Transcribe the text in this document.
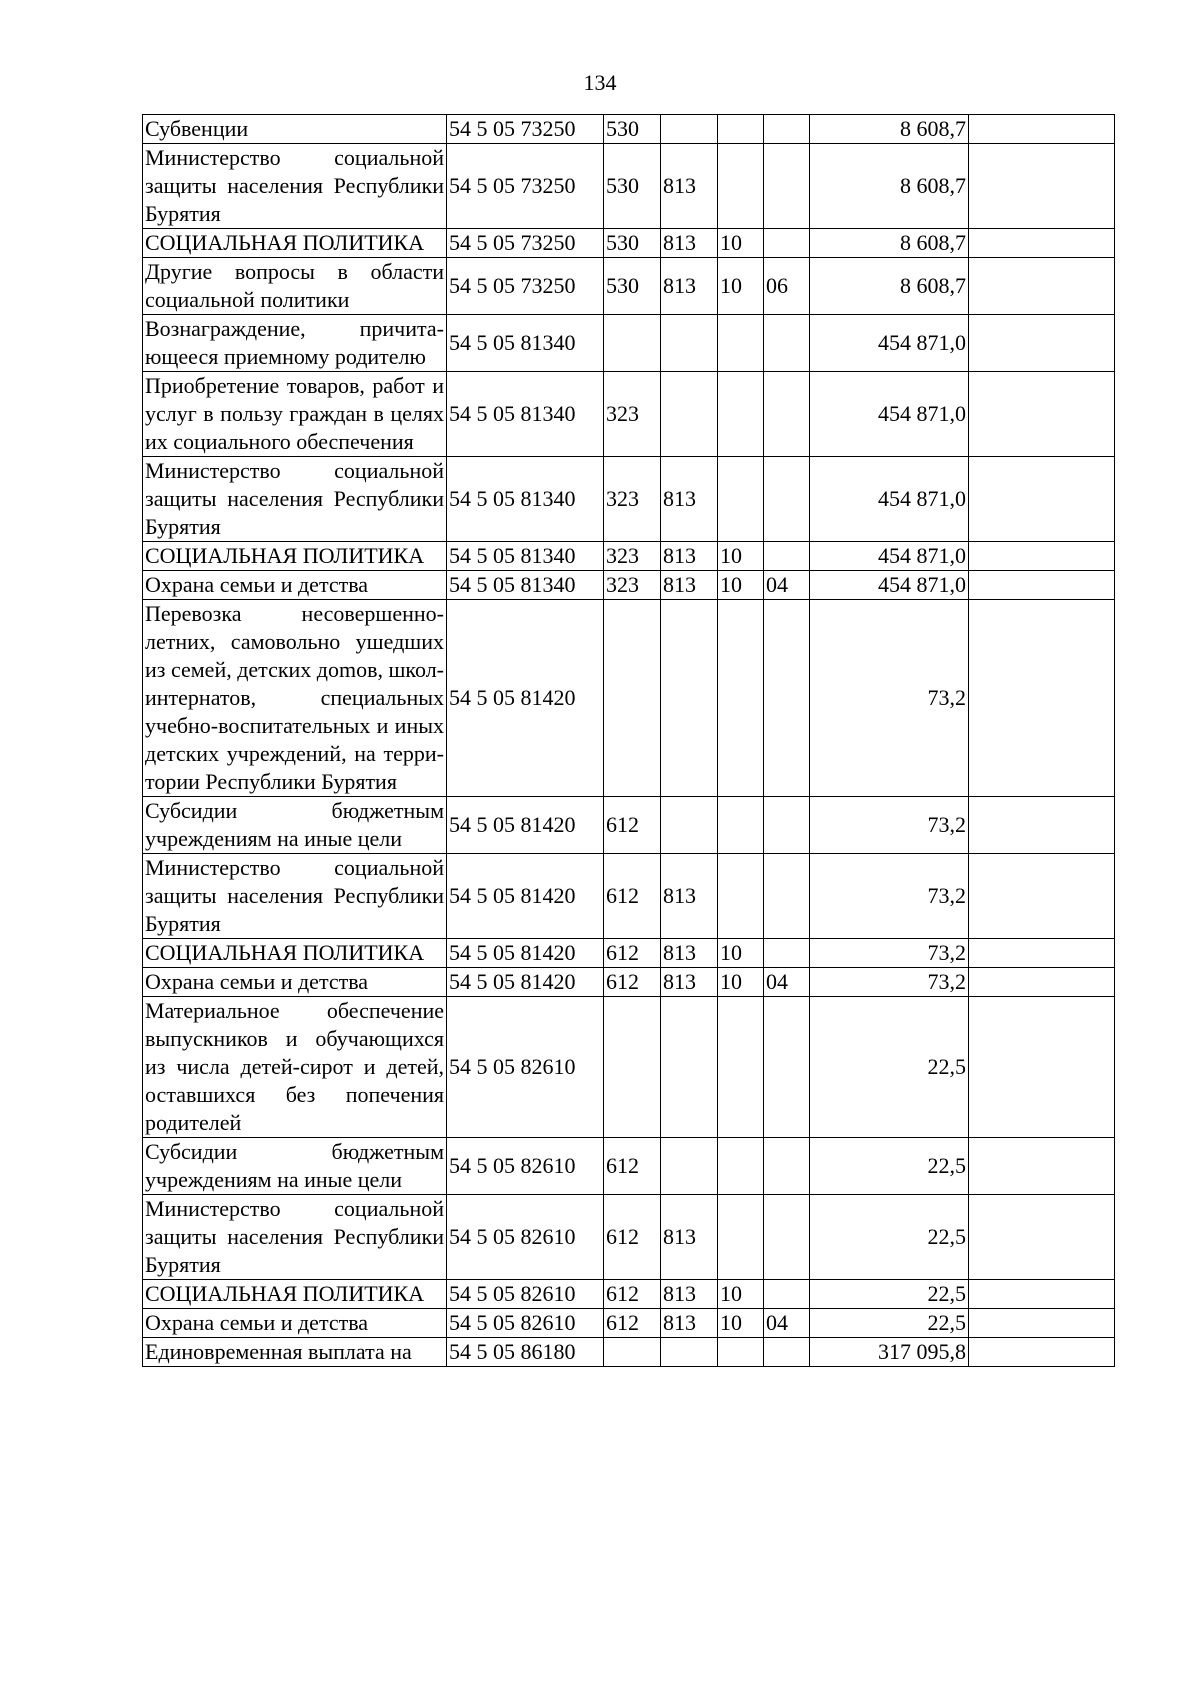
134
Субвенции	54 5 05 73250	530				8 608,7	
Министерство социальной защиты населения Республики Бурятия	54 5 05 73250	530	813			8 608,7	
СОЦИАЛЬНАЯ ПОЛИТИКА	54 5 05 73250	530	813	10		8 608,7	
Другие вопросы в области социальной политики	54 5 05 73250	530	813	10	06	8 608,7	
Вознаграждение, причитающееся приемному родителю	54 5 05 81340					454 871,0	
Приобретение товаров, работ и услуг в пользу граждан в целях их социального обеспечения	54 5 05 81340	323				454 871,0	
Министерство социальной защиты населения Республики Бурятия	54 5 05 81340	323	813			454 871,0	
СОЦИАЛЬНАЯ ПОЛИТИКА	54 5 05 81340	323	813	10		454 871,0	
Охрана семьи и детства	54 5 05 81340	323	813	10	04	454 871,0	
Перевозка несовершеннолетних, самовольно ушедших из семей, детских доmов, школ-интернатов, специальных учебно-воспитательных и иных детских учреждений, на территории Республики Бурятия	54 5 05 81420					73,2	
Субсидии бюджетным учреждениям на иные цели	54 5 05 81420	612				73,2	
Министерство социальной защиты населения Республики Бурятия	54 5 05 81420	612	813			73,2	
СОЦИАЛЬНАЯ ПОЛИТИКА	54 5 05 81420	612	813	10		73,2	
Охрана семьи и детства	54 5 05 81420	612	813	10	04	73,2	
Материальное обеспечение выпускников и обучающихся из числа детей-сирот и детей, оставшихся без попечения родителей	54 5 05 82610					22,5	
Субсидии бюджетным учреждениям на иные цели	54 5 05 82610	612				22,5	
Министерство социальной защиты населения Республики Бурятия	54 5 05 82610	612	813			22,5	
СОЦИАЛЬНАЯ ПОЛИТИКА	54 5 05 82610	612	813	10		22,5	
Охрана семьи и детства	54 5 05 82610	612	813	10	04	22,5	
Единовременная выплата на	54 5 05 86180					317 095,8	
